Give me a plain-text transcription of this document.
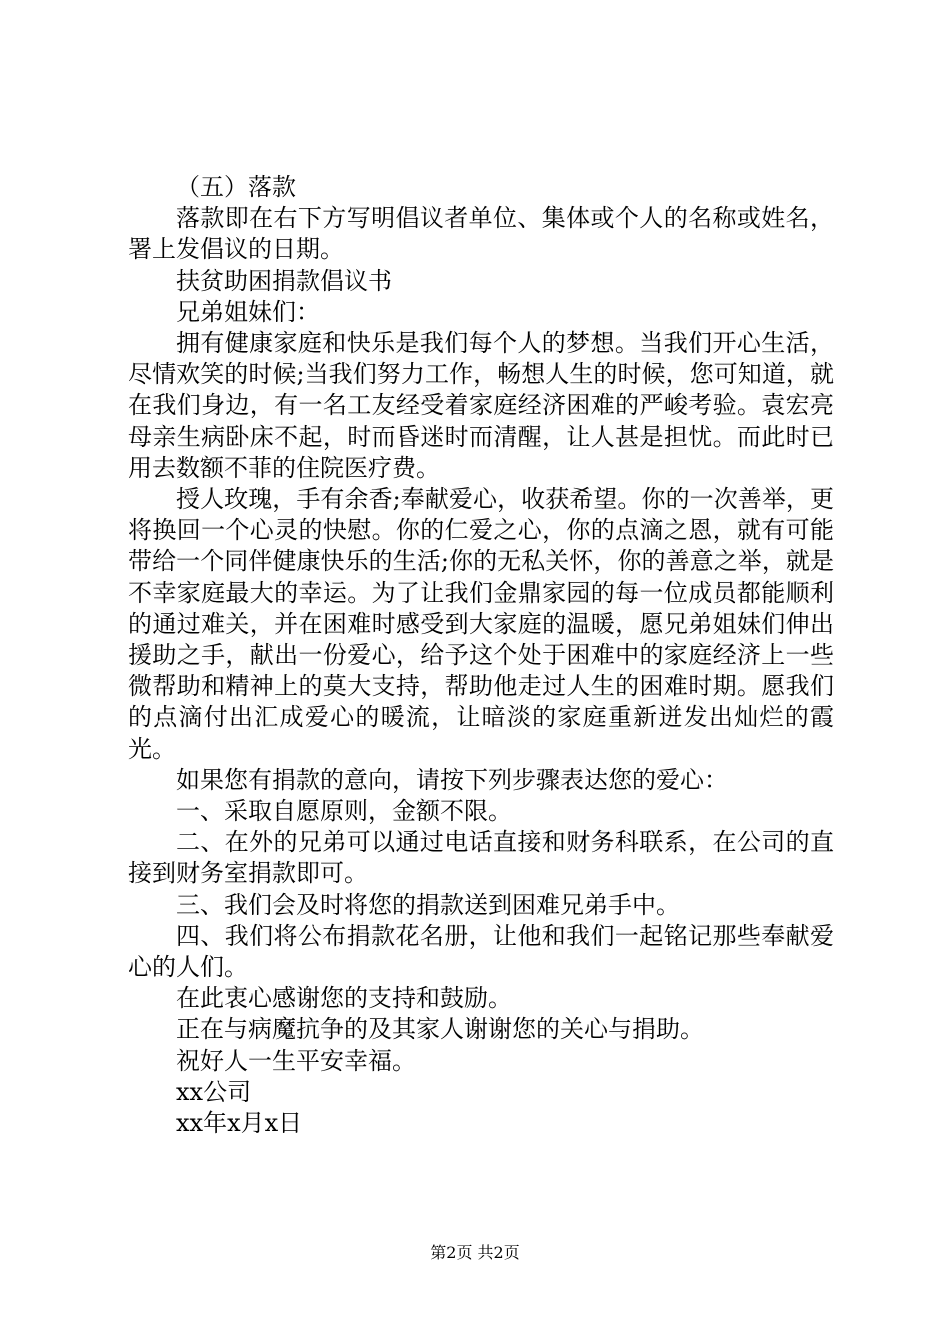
（五）落款

落款即在右下方写明倡议者单位、集体或个人的名称或姓名，署上发倡议的日期。

扶贫助困捐款倡议书

兄弟姐妹们：

拥有健康家庭和快乐是我们每个人的梦想。当我们开心生活，尽情欢笑的时候;当我们努力工作，畅想人生的时候，您可知道，就在我们身边，有一名工友经受着家庭经济困难的严峻考验。袁宏亮母亲生病卧床不起，时而昏迷时而清醒，让人甚是担忧。而此时已用去数额不菲的住院医疗费。

授人玫瑰，手有余香;奉献爱心，收获希望。你的一次善举，更将换回一个心灵的快慰。你的仁爱之心，你的点滴之恩，就有可能带给一个同伴健康快乐的生活;你的无私关怀，你的善意之举，就是不幸家庭最大的幸运。为了让我们金鼎家园的每一位成员都能顺利的通过难关，并在困难时感受到大家庭的温暖，愿兄弟姐妹们伸出援助之手，献出一份爱心，给予这个处于困难中的家庭经济上一些微帮助和精神上的莫大支持，帮助他走过人生的困难时期。愿我们的点滴付出汇成爱心的暖流，让暗淡的家庭重新迸发出灿烂的霞光。

如果您有捐款的意向，请按下列步骤表达您的爱心：

一、采取自愿原则，金额不限。

二、在外的兄弟可以通过电话直接和财务科联系，在公司的直接到财务室捐款即可。

三、我们会及时将您的捐款送到困难兄弟手中。

四、我们将公布捐款花名册，让他和我们一起铭记那些奉献爱心的人们。

在此衷心感谢您的支持和鼓励。

正在与病魔抗争的及其家人谢谢您的关心与捐助。

祝好人一生平安幸福。

xx公司

xx年x月x日

第2页 共2页
